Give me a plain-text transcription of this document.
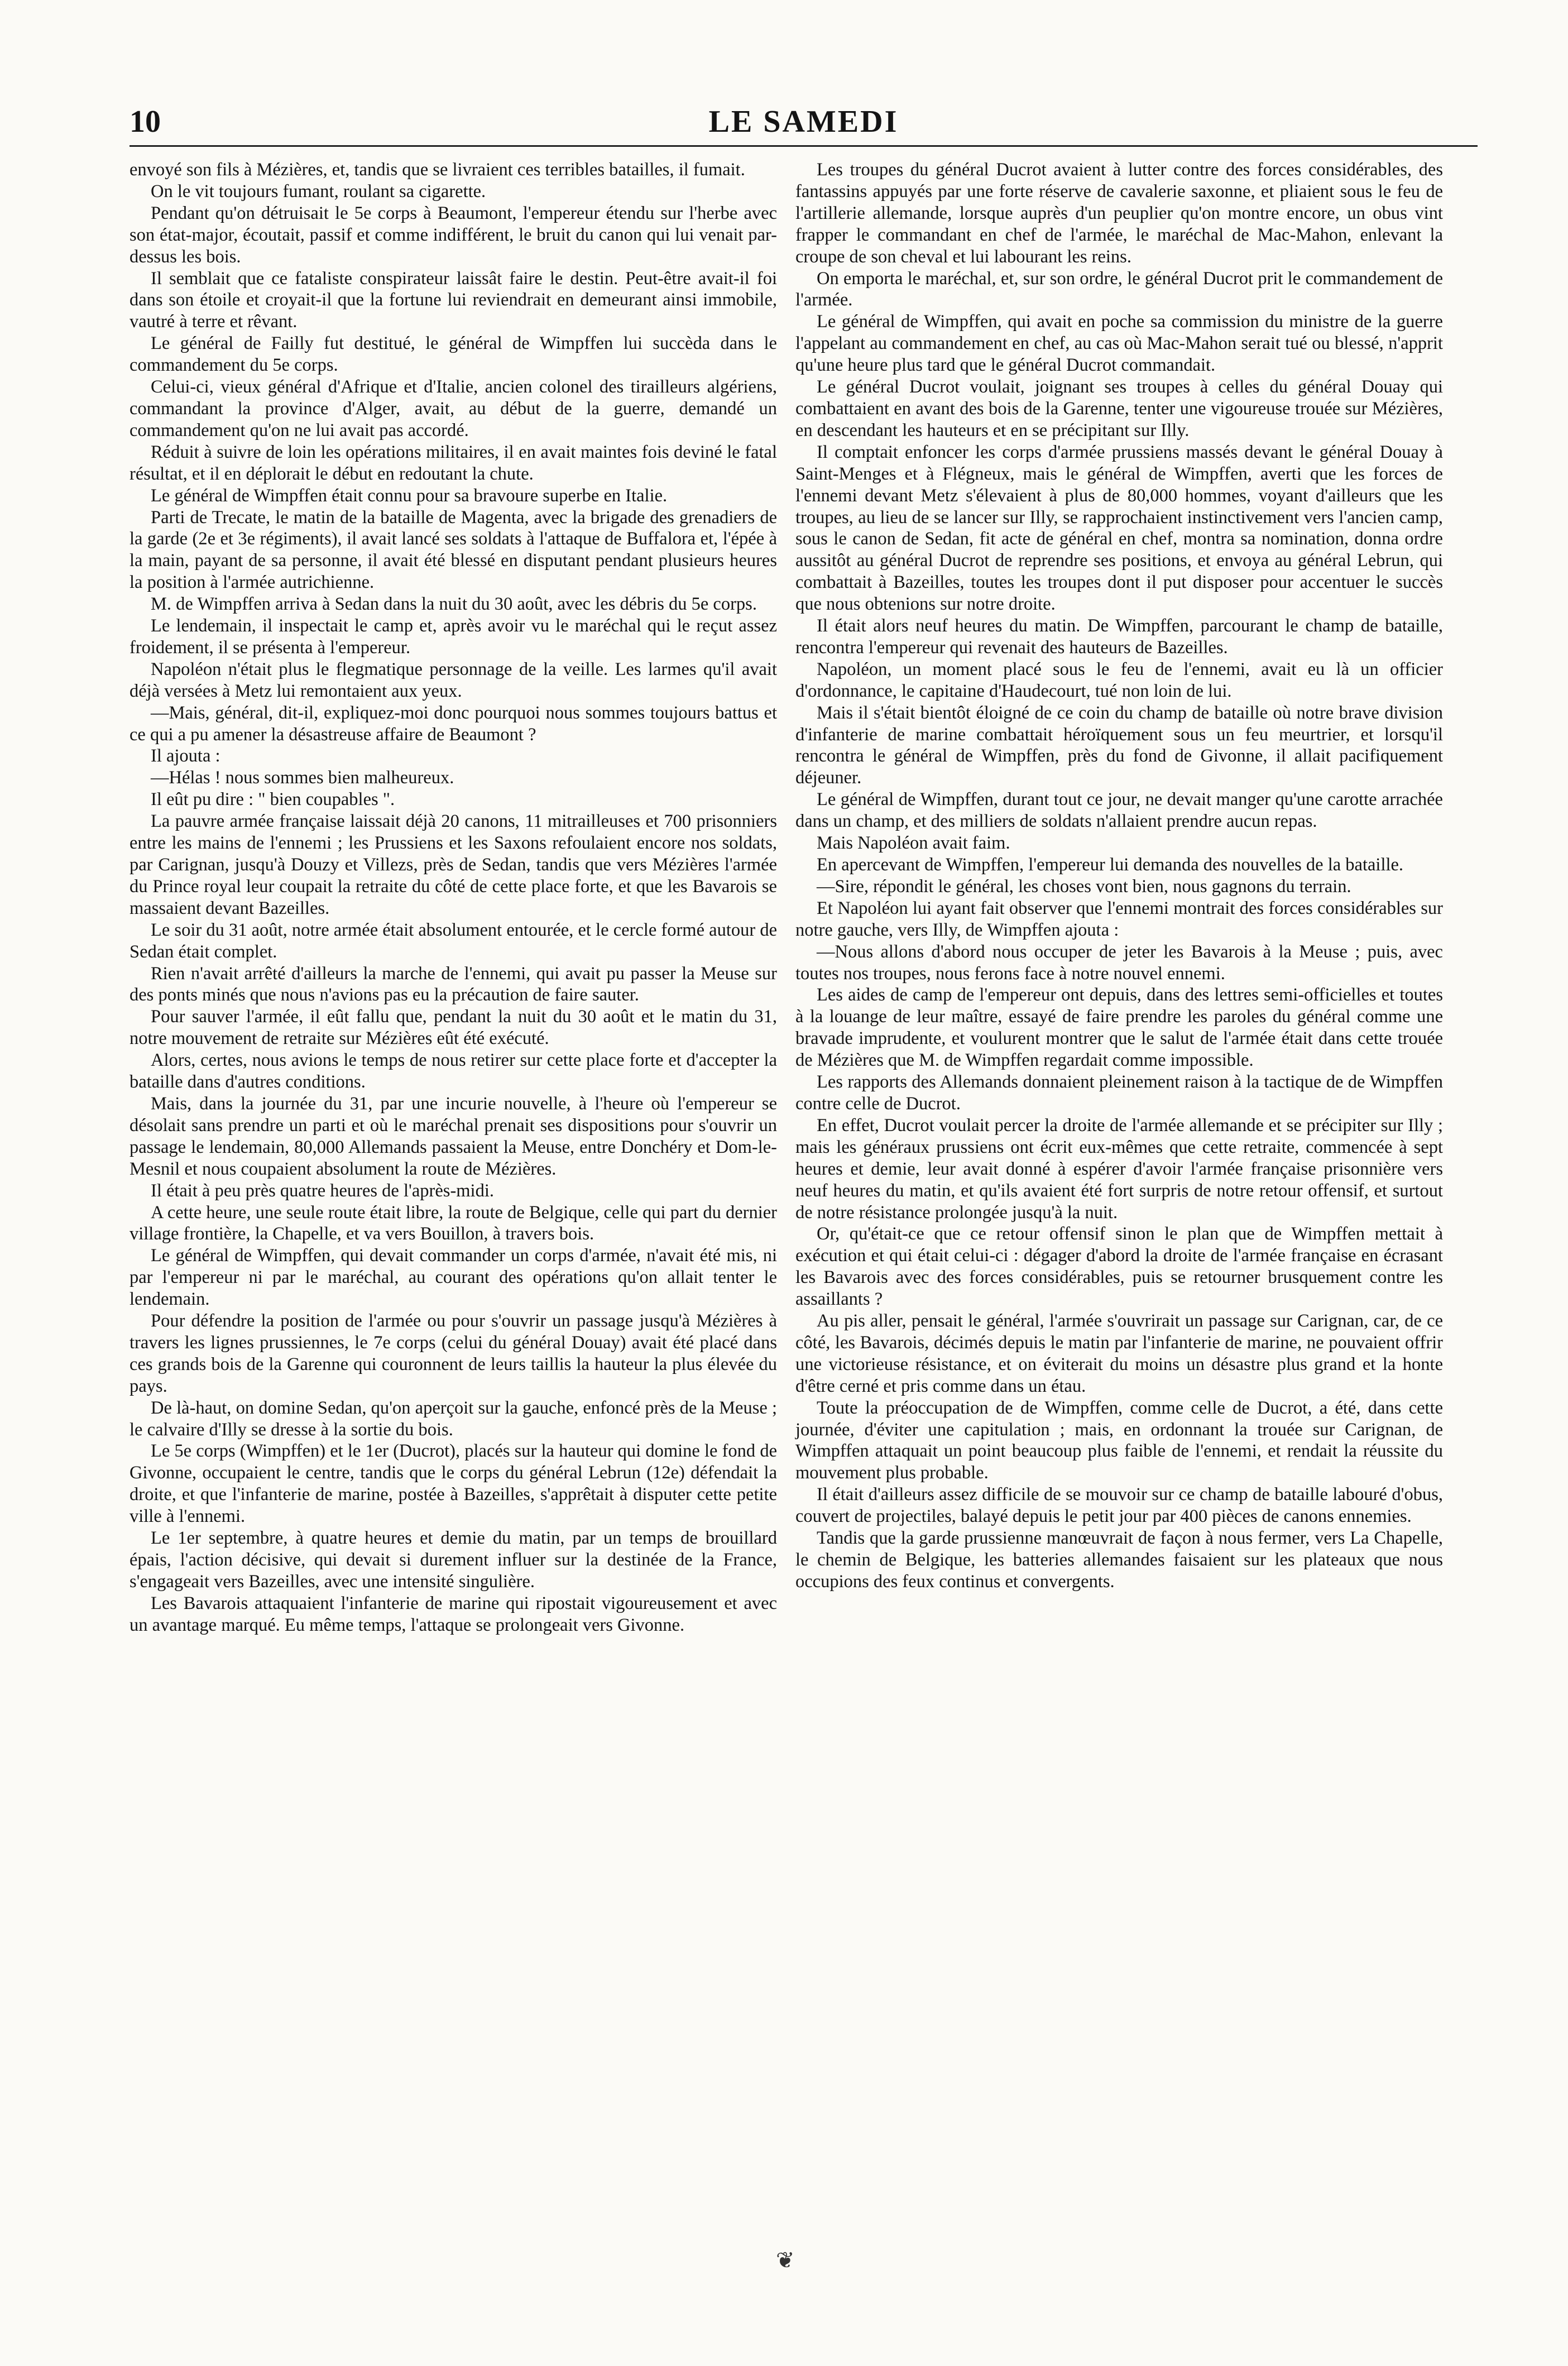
10	LE SAMEDI

envoyé son fils à Mézières, et, tandis que se livraient ces terribles batailles, il fumait.

On le vit toujours fumant, roulant sa cigarette.

Pendant qu'on détruisait le 5e corps à Beaumont, l'empereur étendu sur l'herbe avec son état-major, écoutait, passif et comme indifférent, le bruit du canon qui lui venait par-dessus les bois.

Il semblait que ce fataliste conspirateur laissât faire le destin. Peut-être avait-il foi dans son étoile et croyait-il que la fortune lui reviendrait en demeurant ainsi immobile, vautré à terre et rêvant.

Le général de Failly fut destitué, le général de Wimpffen lui succèda dans le commandement du 5e corps.

Celui-ci, vieux général d'Afrique et d'Italie, ancien colonel des tirailleurs algériens, commandant la province d'Alger, avait, au début de la guerre, demandé un commandement qu'on ne lui avait pas accordé.

Réduit à suivre de loin les opérations militaires, il en avait maintes fois deviné le fatal résultat, et il en déplorait le début en redoutant la chute.

Le général de Wimpffen était connu pour sa bravoure superbe en Italie.

Parti de Trecate, le matin de la bataille de Magenta, avec la brigade des grenadiers de la garde (2e et 3e régiments), il avait lancé ses soldats à l'attaque de Buffalora et, l'épée à la main, payant de sa personne, il avait été blessé en disputant pendant plusieurs heures la position à l'armée autrichienne.

M. de Wimpffen arriva à Sedan dans la nuit du 30 août, avec les débris du 5e corps.

Le lendemain, il inspectait le camp et, après avoir vu le maréchal qui le reçut assez froidement, il se présenta à l'empereur.

Napoléon n'était plus le flegmatique personnage de la veille. Les larmes qu'il avait déjà versées à Metz lui remontaient aux yeux.

—Mais, général, dit-il, expliquez-moi donc pourquoi nous sommes toujours battus et ce qui a pu amener la désastreuse affaire de Beaumont ?

Il ajouta :

—Hélas ! nous sommes bien malheureux.

Il eût pu dire : " bien coupables ".

La pauvre armée française laissait déjà 20 canons, 11 mitrailleuses et 700 prisonniers entre les mains de l'ennemi ; les Prussiens et les Saxons refoulaient encore nos soldats, par Carignan, jusqu'à Douzy et Villezs, près de Sedan, tandis que vers Mézières l'armée du Prince royal leur coupait la retraite du côté de cette place forte, et que les Bavarois se massaient devant Bazeilles.

Le soir du 31 août, notre armée était absolument entourée, et le cercle formé autour de Sedan était complet.

Rien n'avait arrêté d'ailleurs la marche de l'ennemi, qui avait pu passer la Meuse sur des ponts minés que nous n'avions pas eu la précaution de faire sauter.

Pour sauver l'armée, il eût fallu que, pendant la nuit du 30 août et le matin du 31, notre mouvement de retraite sur Mézières eût été exécuté.

Alors, certes, nous avions le temps de nous retirer sur cette place forte et d'accepter la bataille dans d'autres conditions.

Mais, dans la journée du 31, par une incurie nouvelle, à l'heure où l'empereur se désolait sans prendre un parti et où le maréchal prenait ses dispositions pour s'ouvrir un passage le lendemain, 80,000 Allemands passaient la Meuse, entre Donchéry et Dom-le-Mesnil et nous coupaient absolument la route de Mézières.

Il était à peu près quatre heures de l'après-midi.

A cette heure, une seule route était libre, la route de Belgique, celle qui part du dernier village frontière, la Chapelle, et va vers Bouillon, à travers bois.

Le général de Wimpffen, qui devait commander un corps d'armée, n'avait été mis, ni par l'empereur ni par le maréchal, au courant des opérations qu'on allait tenter le lendemain.

Pour défendre la position de l'armée ou pour s'ouvrir un passage jusqu'à Mézières à travers les lignes prussiennes, le 7e corps (celui du général Douay) avait été placé dans ces grands bois de la Garenne qui couronnent de leurs taillis la hauteur la plus élevée du pays.

De là-haut, on domine Sedan, qu'on aperçoit sur la gauche, enfoncé près de la Meuse ; le calvaire d'Illy se dresse à la sortie du bois.

Le 5e corps (Wimpffen) et le 1er (Ducrot), placés sur la hauteur qui domine le fond de Givonne, occupaient le centre, tandis que le corps du général Lebrun (12e) défendait la droite, et que l'infanterie de marine, postée à Bazeilles, s'apprêtait à disputer cette petite ville à l'ennemi.

Le 1er septembre, à quatre heures et demie du matin, par un temps de brouillard épais, l'action décisive, qui devait si durement influer sur la destinée de la France, s'engageait vers Bazeilles, avec une intensité singulière.

Les Bavarois attaquaient l'infanterie de marine qui ripostait vigoureusement et avec un avantage marqué. Eu même temps, l'attaque se prolongeait vers Givonne.

Les troupes du général Ducrot avaient à lutter contre des forces considérables, des fantassins appuyés par une forte réserve de cavalerie saxonne, et pliaient sous le feu de l'artillerie allemande, lorsque auprès d'un peuplier qu'on montre encore, un obus vint frapper le commandant en chef de l'armée, le maréchal de Mac-Mahon, enlevant la croupe de son cheval et lui labourant les reins.

On emporta le maréchal, et, sur son ordre, le général Ducrot prit le commandement de l'armée.

Le général de Wimpffen, qui avait en poche sa commission du ministre de la guerre l'appelant au commandement en chef, au cas où Mac-Mahon serait tué ou blessé, n'apprit qu'une heure plus tard que le général Ducrot commandait.

Le général Ducrot voulait, joignant ses troupes à celles du général Douay qui combattaient en avant des bois de la Garenne, tenter une vigoureuse trouée sur Mézières, en descendant les hauteurs et en se précipitant sur Illy.

Il comptait enfoncer les corps d'armée prussiens massés devant le général Douay à Saint-Menges et à Flégneux, mais le général de Wimpffen, averti que les forces de l'ennemi devant Metz s'élevaient à plus de 80,000 hommes, voyant d'ailleurs que les troupes, au lieu de se lancer sur Illy, se rapprochaient instinctivement vers l'ancien camp, sous le canon de Sedan, fit acte de général en chef, montra sa nomination, donna ordre aussitôt au général Ducrot de reprendre ses positions, et envoya au général Lebrun, qui combattait à Bazeilles, toutes les troupes dont il put disposer pour accentuer le succès que nous obtenions sur notre droite.

Il était alors neuf heures du matin. De Wimpffen, parcourant le champ de bataille, rencontra l'empereur qui revenait des hauteurs de Bazeilles.

Napoléon, un moment placé sous le feu de l'ennemi, avait eu là un officier d'ordonnance, le capitaine d'Haudecourt, tué non loin de lui.

Mais il s'était bientôt éloigné de ce coin du champ de bataille où notre brave division d'infanterie de marine combattait héroïquement sous un feu meurtrier, et lorsqu'il rencontra le général de Wimpffen, près du fond de Givonne, il allait pacifiquement déjeuner.

Le général de Wimpffen, durant tout ce jour, ne devait manger qu'une carotte arrachée dans un champ, et des milliers de soldats n'allaient prendre aucun repas.

Mais Napoléon avait faim.

En apercevant de Wimpffen, l'empereur lui demanda des nouvelles de la bataille.

—Sire, répondit le général, les choses vont bien, nous gagnons du terrain.

Et Napoléon lui ayant fait observer que l'ennemi montrait des forces considérables sur notre gauche, vers Illy, de Wimpffen ajouta :

—Nous allons d'abord nous occuper de jeter les Bavarois à la Meuse ; puis, avec toutes nos troupes, nous ferons face à notre nouvel ennemi.

Les aides de camp de l'empereur ont depuis, dans des lettres semi-officielles et toutes à la louange de leur maître, essayé de faire prendre les paroles du général comme une bravade imprudente, et voulurent montrer que le salut de l'armée était dans cette trouée de Mézières que M. de Wimpffen regardait comme impossible.

Les rapports des Allemands donnaient pleinement raison à la tactique de de Wimpffen contre celle de Ducrot.

En effet, Ducrot voulait percer la droite de l'armée allemande et se précipiter sur Illy ; mais les généraux prussiens ont écrit eux-mêmes que cette retraite, commencée à sept heures et demie, leur avait donné à espérer d'avoir l'armée française prisonnière vers neuf heures du matin, et qu'ils avaient été fort surpris de notre retour offensif, et surtout de notre résistance prolongée jusqu'à la nuit.

Or, qu'était-ce que ce retour offensif sinon le plan que de Wimpffen mettait à exécution et qui était celui-ci : dégager d'abord la droite de l'armée française en écrasant les Bavarois avec des forces considérables, puis se retourner brusquement contre les assaillants ?

Au pis aller, pensait le général, l'armée s'ouvrirait un passage sur Carignan, car, de ce côté, les Bavarois, décimés depuis le matin par l'infanterie de marine, ne pouvaient offrir une victorieuse résistance, et on éviterait du moins un désastre plus grand et la honte d'être cerné et pris comme dans un étau.

Toute la préoccupation de de Wimpffen, comme celle de Ducrot, a été, dans cette journée, d'éviter une capitulation ; mais, en ordonnant la trouée sur Carignan, de Wimpffen attaquait un point beaucoup plus faible de l'ennemi, et rendait la réussite du mouvement plus probable.

Il était d'ailleurs assez difficile de se mouvoir sur ce champ de bataille labouré d'obus, couvert de projectiles, balayé depuis le petit jour par 400 pièces de canons ennemies.

Tandis que la garde prussienne manœuvrait de façon à nous fermer, vers La Chapelle, le chemin de Belgique, les batteries allemandes faisaient sur les plateaux que nous occupions des feux continus et convergents.

❦
